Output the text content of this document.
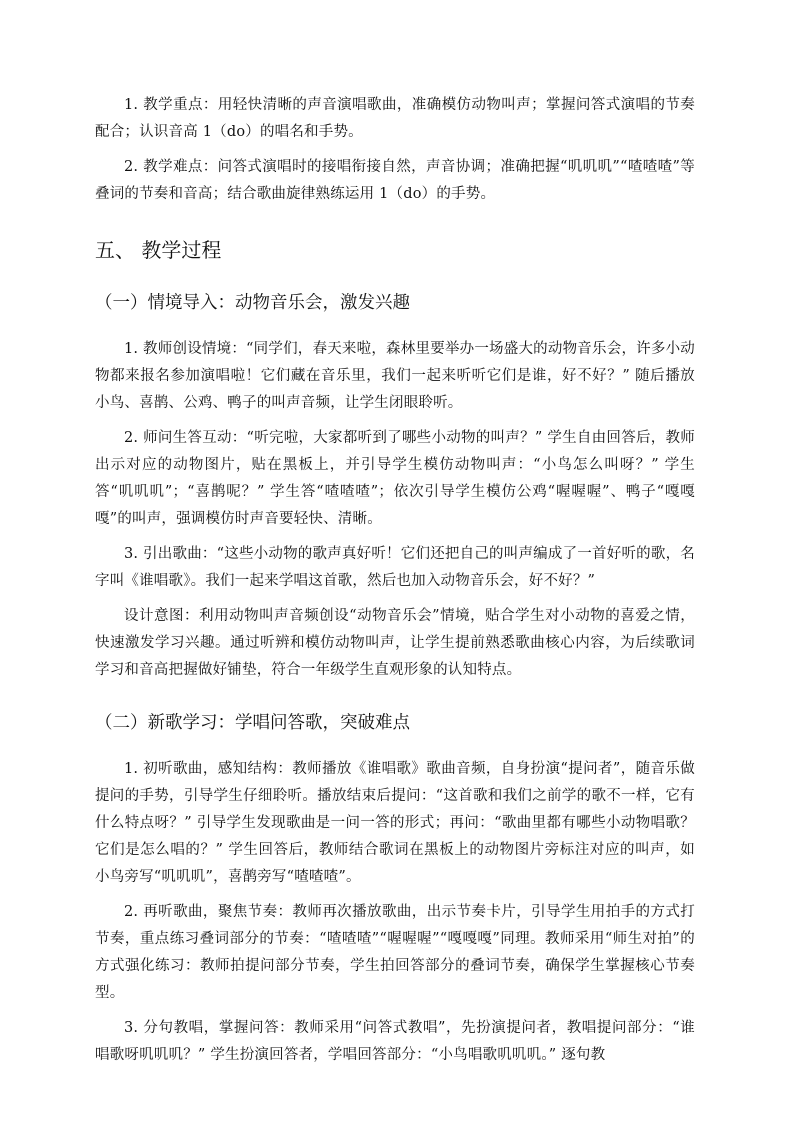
1. 教学重点：用轻快清晰的声音演唱歌曲，准确模仿动物叫声；掌握问答式演唱的节奏配合；认识音高 1（do）的唱名和手势。

2. 教学难点：问答式演唱时的接唱衔接自然，声音协调；准确把握“叽叽叽”“喳喳喳”等叠词的节奏和音高；结合歌曲旋律熟练运用 1（do）的手势。

五、 教学过程
（一）情境导入：动物音乐会，激发兴趣

1. 教师创设情境：“同学们，春天来啦，森林里要举办一场盛大的动物音乐会，许多小动物都来报名参加演唱啦！它们藏在音乐里，我们一起来听听它们是谁，好不好？” 随后播放小鸟、喜鹊、公鸡、鸭子的叫声音频，让学生闭眼聆听。

2. 师问生答互动：“听完啦，大家都听到了哪些小动物的叫声？” 学生自由回答后，教师出示对应的动物图片，贴在黑板上，并引导学生模仿动物叫声：“小鸟怎么叫呀？” 学生答“叽叽叽”；“喜鹊呢？” 学生答“喳喳喳”；依次引导学生模仿公鸡“喔喔喔”、鸭子“嘎嘎嘎”的叫声，强调模仿时声音要轻快、清晰。

3. 引出歌曲：“这些小动物的歌声真好听！它们还把自己的叫声编成了一首好听的歌，名字叫《谁唱歌》。我们一起来学唱这首歌，然后也加入动物音乐会，好不好？”

设计意图：利用动物叫声音频创设“动物音乐会”情境，贴合学生对小动物的喜爱之情，快速激发学习兴趣。通过听辨和模仿动物叫声，让学生提前熟悉歌曲核心内容，为后续歌词学习和音高把握做好铺垫，符合一年级学生直观形象的认知特点。

（二）新歌学习：学唱问答歌，突破难点

1. 初听歌曲，感知结构：教师播放《谁唱歌》歌曲音频，自身扮演“提问者”，随音乐做提问的手势，引导学生仔细聆听。播放结束后提问：“这首歌和我们之前学的歌不一样，它有什么特点呀？” 引导学生发现歌曲是一问一答的形式；再问：“歌曲里都有哪些小动物唱歌？它们是怎么唱的？” 学生回答后，教师结合歌词在黑板上的动物图片旁标注对应的叫声，如小鸟旁写“叽叽叽”，喜鹊旁写“喳喳喳”。

2. 再听歌曲，聚焦节奏：教师再次播放歌曲，出示节奏卡片，引导学生用拍手的方式打节奏，重点练习叠词部分的节奏：“喳喳喳”“喔喔喔”“嘎嘎嘎”同理。教师采用“师生对拍”的方式强化练习：教师拍提问部分节奏，学生拍回答部分的叠词节奏，确保学生掌握核心节奏型。

3. 分句教唱，掌握问答：教师采用“问答式教唱”，先扮演提问者，教唱提问部分：“谁唱歌呀叽叽叽？” 学生扮演回答者，学唱回答部分：“小鸟唱歌叽叽叽。” 逐句教
